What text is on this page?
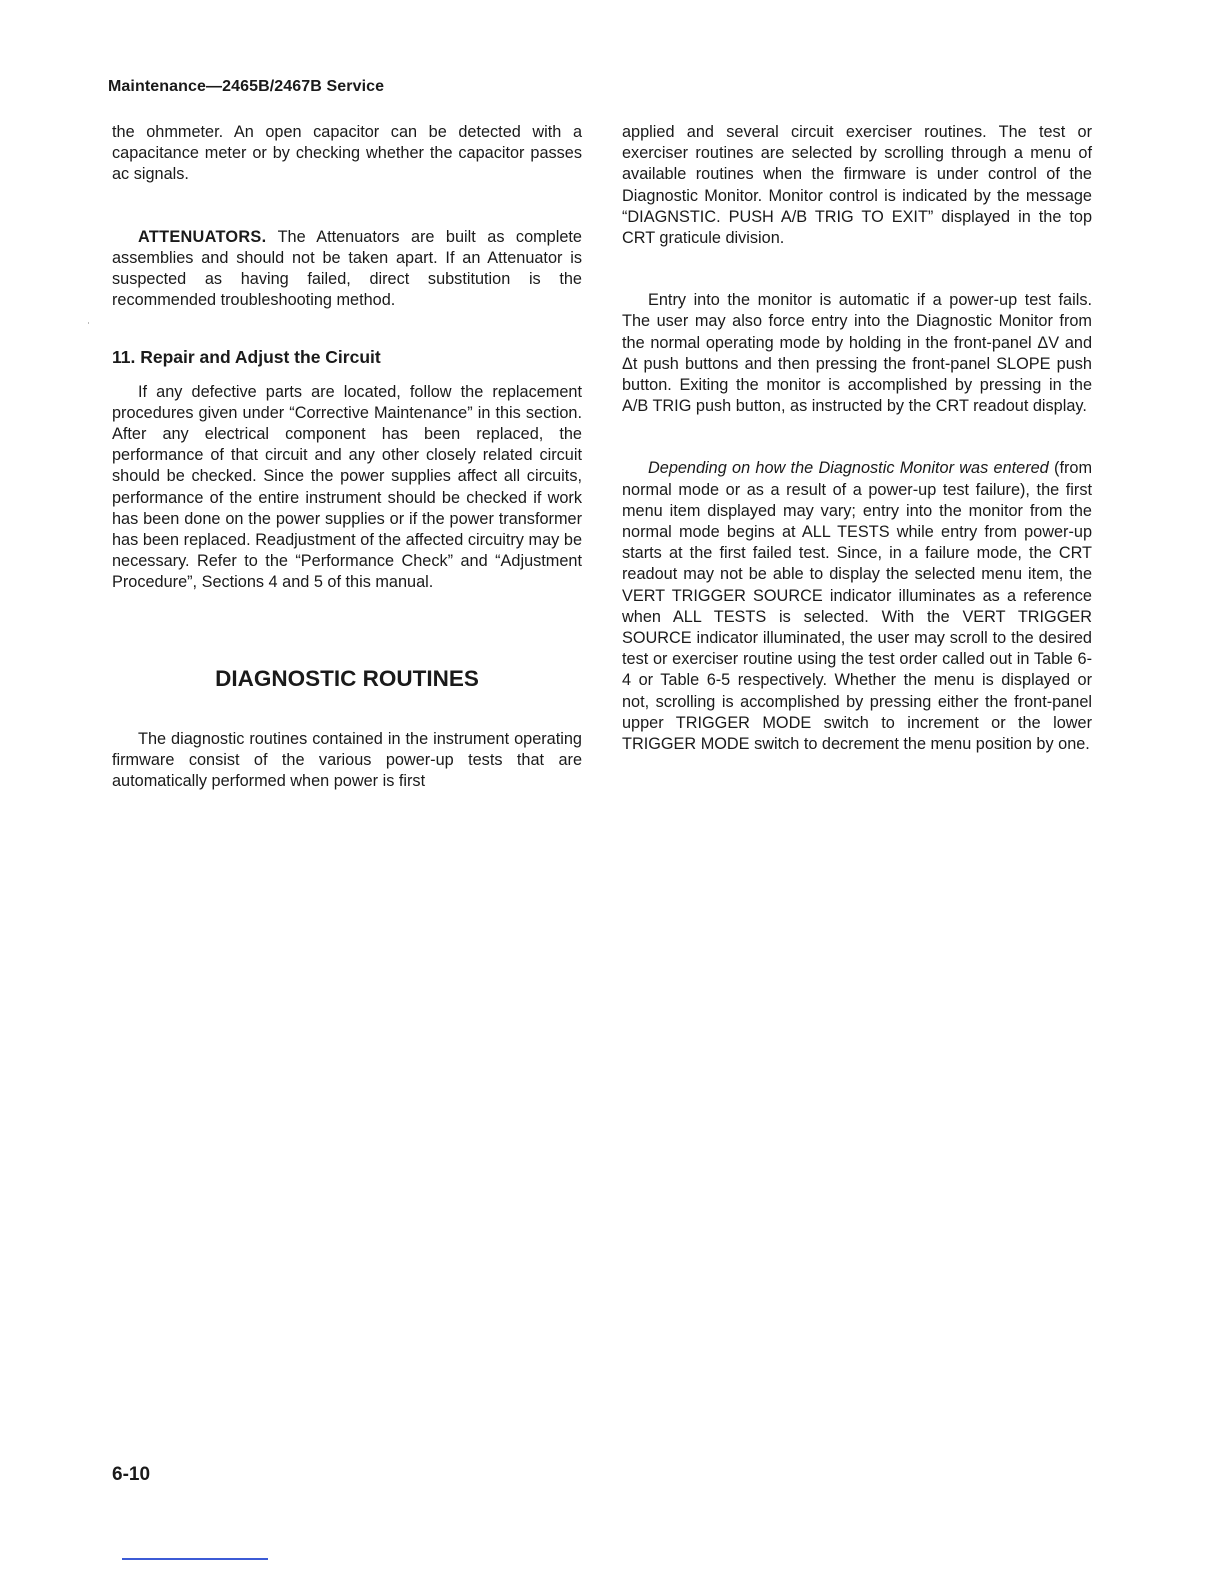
Maintenance—2465B/2467B Service

the ohmmeter. An open capacitor can be detected with a capacitance meter or by checking whether the capacitor passes ac signals.

ATTENUATORS. The Attenuators are built as complete assemblies and should not be taken apart. If an Attenuator is suspected as having failed, direct substitution is the recommended troubleshooting method.

11. Repair and Adjust the Circuit

If any defective parts are located, follow the replacement procedures given under “Corrective Maintenance” in this section. After any electrical component has been replaced, the performance of that circuit and any other closely related circuit should be checked. Since the power supplies affect all circuits, performance of the entire instrument should be checked if work has been done on the power supplies or if the power transformer has been replaced. Readjustment of the affected circuitry may be necessary. Refer to the “Performance Check” and “Adjustment Procedure”, Sections 4 and 5 of this manual.

DIAGNOSTIC ROUTINES

The diagnostic routines contained in the instrument operating firmware consist of the various power-up tests that are automatically performed when power is first

applied and several circuit exerciser routines. The test or exerciser routines are selected by scrolling through a menu of available routines when the firmware is under control of the Diagnostic Monitor. Monitor control is indicated by the message “DIAGNSTIC. PUSH A/B TRIG TO EXIT” displayed in the top CRT graticule division.

Entry into the monitor is automatic if a power-up test fails. The user may also force entry into the Diagnostic Monitor from the normal operating mode by holding in the front-panel ΔV and Δt push buttons and then pressing the front-panel SLOPE push button. Exiting the monitor is accomplished by pressing in the A/B TRIG push button, as instructed by the CRT readout display.

Depending on how the Diagnostic Monitor was entered (from normal mode or as a result of a power-up test failure), the first menu item displayed may vary; entry into the monitor from the normal mode begins at ALL TESTS while entry from power-up starts at the first failed test. Since, in a failure mode, the CRT readout may not be able to display the selected menu item, the VERT TRIGGER SOURCE indicator illuminates as a reference when ALL TESTS is selected. With the VERT TRIGGER SOURCE indicator illuminated, the user may scroll to the desired test or exerciser routine using the test order called out in Table 6-4 or Table 6-5 respectively. Whether the menu is displayed or not, scrolling is accomplished by pressing either the front-panel upper TRIGGER MODE switch to increment or the lower TRIGGER MODE switch to decrement the menu position by one.

6-10
